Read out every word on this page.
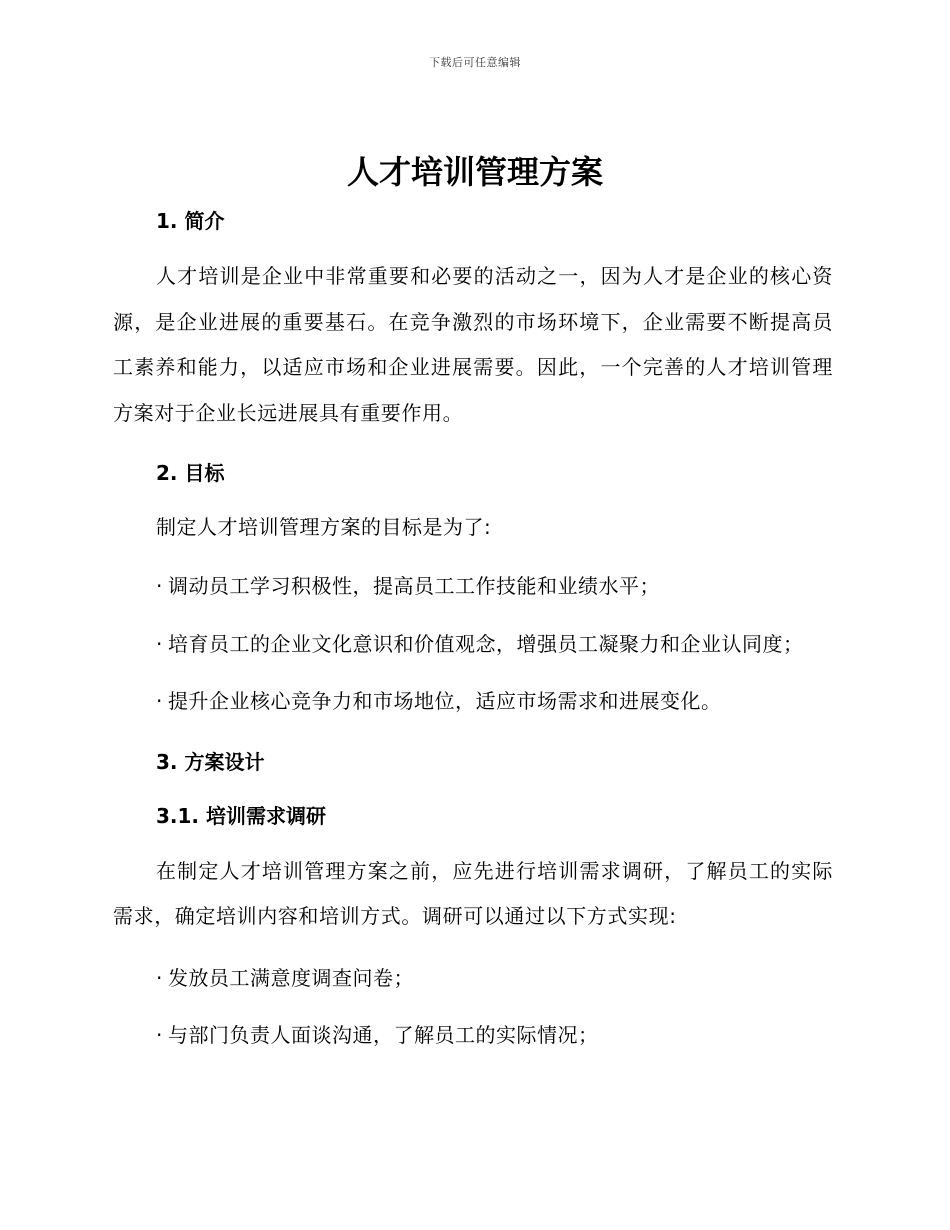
下载后可任意编辑
人才培训管理方案

1. 简介

人才培训是企业中非常重要和必要的活动之一，因为人才是企业的核心资源，是企业进展的重要基石。在竞争激烈的市场环境下，企业需要不断提高员工素养和能力，以适应市场和企业进展需要。因此，一个完善的人才培训管理方案对于企业长远进展具有重要作用。

2. 目标

制定人才培训管理方案的目标是为了:

· 调动员工学习积极性，提高员工工作技能和业绩水平；

· 培育员工的企业文化意识和价值观念，增强员工凝聚力和企业认同度；

· 提升企业核心竞争力和市场地位，适应市场需求和进展变化。

3. 方案设计

3.1. 培训需求调研

在制定人才培训管理方案之前，应先进行培训需求调研，了解员工的实际需求，确定培训内容和培训方式。调研可以通过以下方式实现:

· 发放员工满意度调查问卷；

· 与部门负责人面谈沟通，了解员工的实际情况；
